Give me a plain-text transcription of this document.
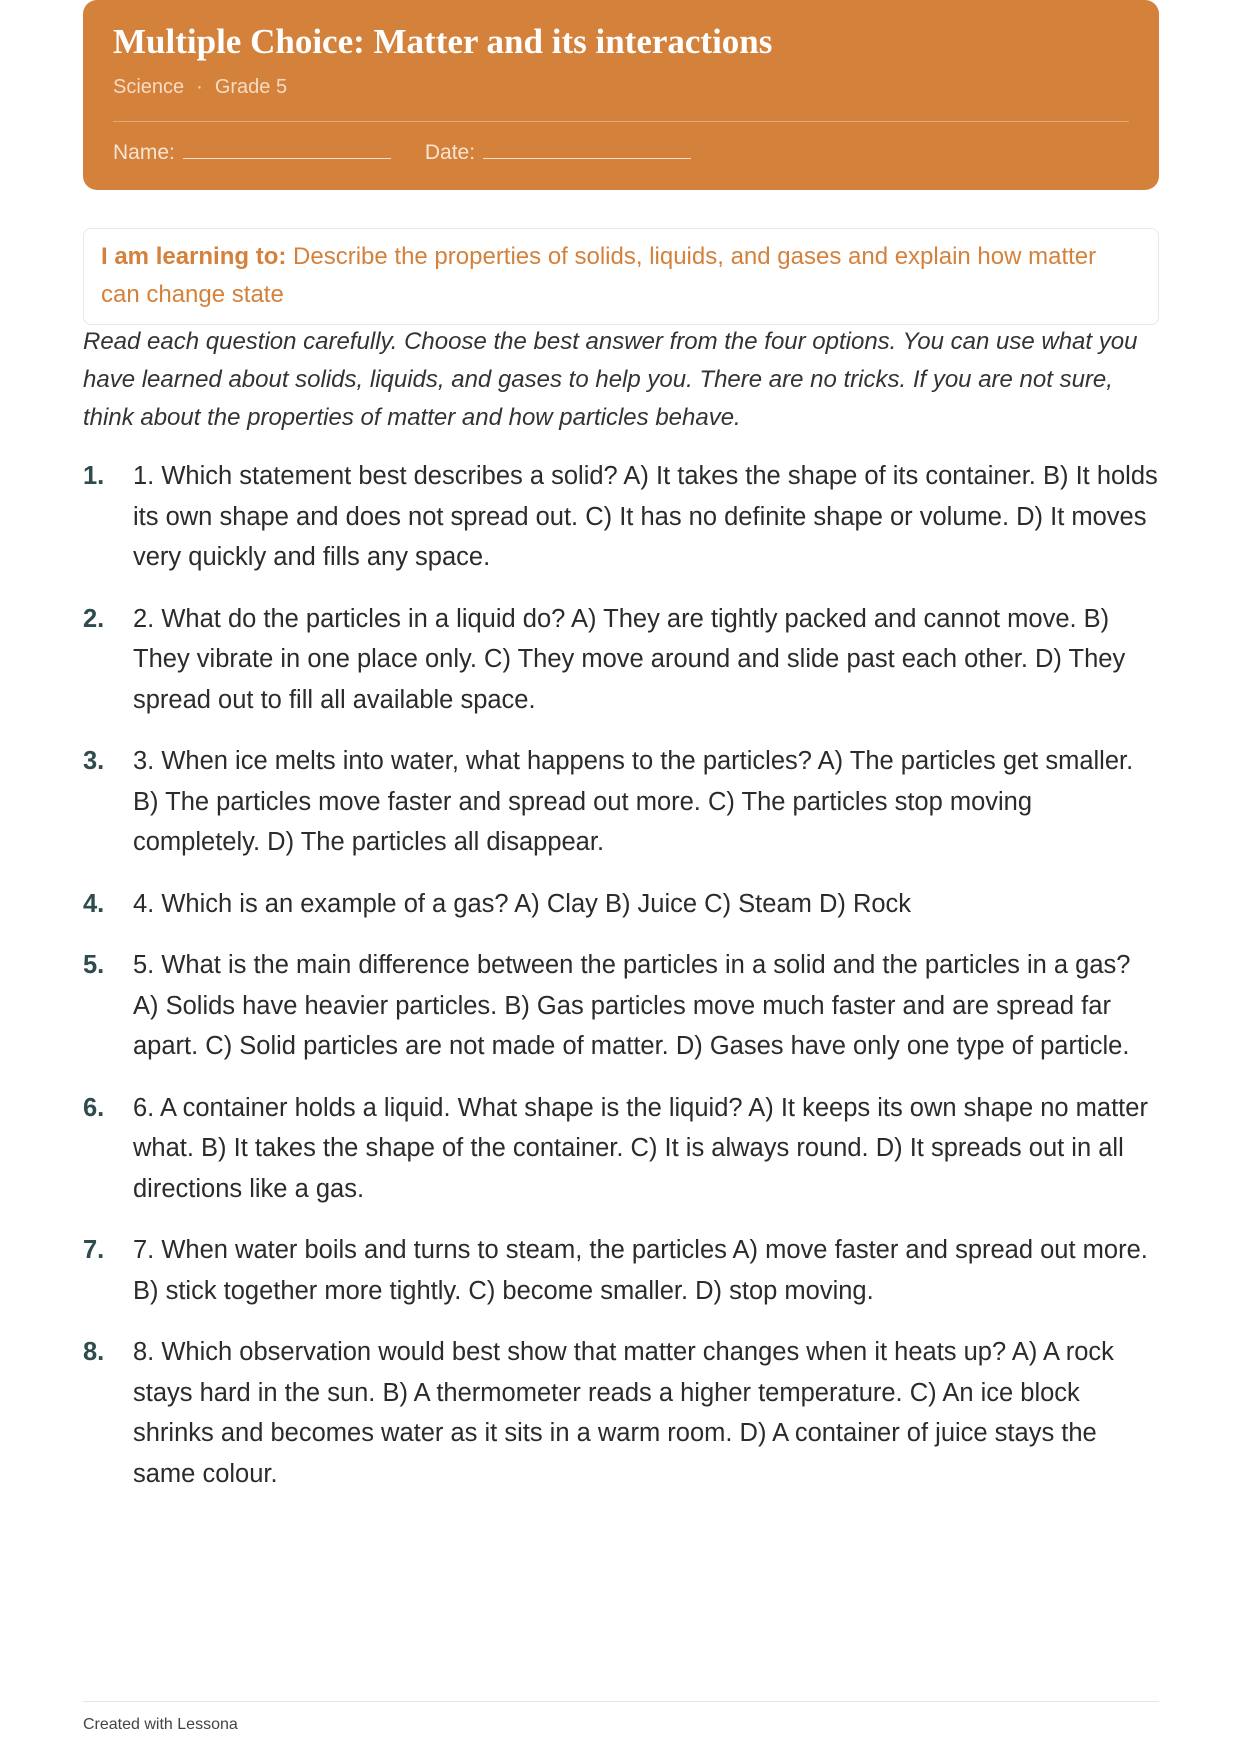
Multiple Choice: Matter and its interactions
Science · Grade 5
Name:	Date:
I am learning to: Describe the properties of solids, liquids, and gases and explain how matter can change state
Read each question carefully. Choose the best answer from the four options. You can use what you have learned about solids, liquids, and gases to help you. There are no tricks. If you are not sure, think about the properties of matter and how particles behave.
1.	1. Which statement best describes a solid? A) It takes the shape of its container. B) It holds its own shape and does not spread out. C) It has no definite shape or volume. D) It moves very quickly and fills any space.
2.	2. What do the particles in a liquid do? A) They are tightly packed and cannot move. B) They vibrate in one place only. C) They move around and slide past each other. D) They spread out to fill all available space.
3.	3. When ice melts into water, what happens to the particles? A) The particles get smaller. B) The particles move faster and spread out more. C) The particles stop moving completely. D) The particles all disappear.
4.	4. Which is an example of a gas? A) Clay B) Juice C) Steam D) Rock
5.	5. What is the main difference between the particles in a solid and the particles in a gas? A) Solids have heavier particles. B) Gas particles move much faster and are spread far apart. C) Solid particles are not made of matter. D) Gases have only one type of particle.
6.	6. A container holds a liquid. What shape is the liquid? A) It keeps its own shape no matter what. B) It takes the shape of the container. C) It is always round. D) It spreads out in all directions like a gas.
7.	7. When water boils and turns to steam, the particles A) move faster and spread out more. B) stick together more tightly. C) become smaller. D) stop moving.
8.	8. Which observation would best show that matter changes when it heats up? A) A rock stays hard in the sun. B) A thermometer reads a higher temperature. C) An ice block shrinks and becomes water as it sits in a warm room. D) A container of juice stays the same colour.
Created with Lessona
